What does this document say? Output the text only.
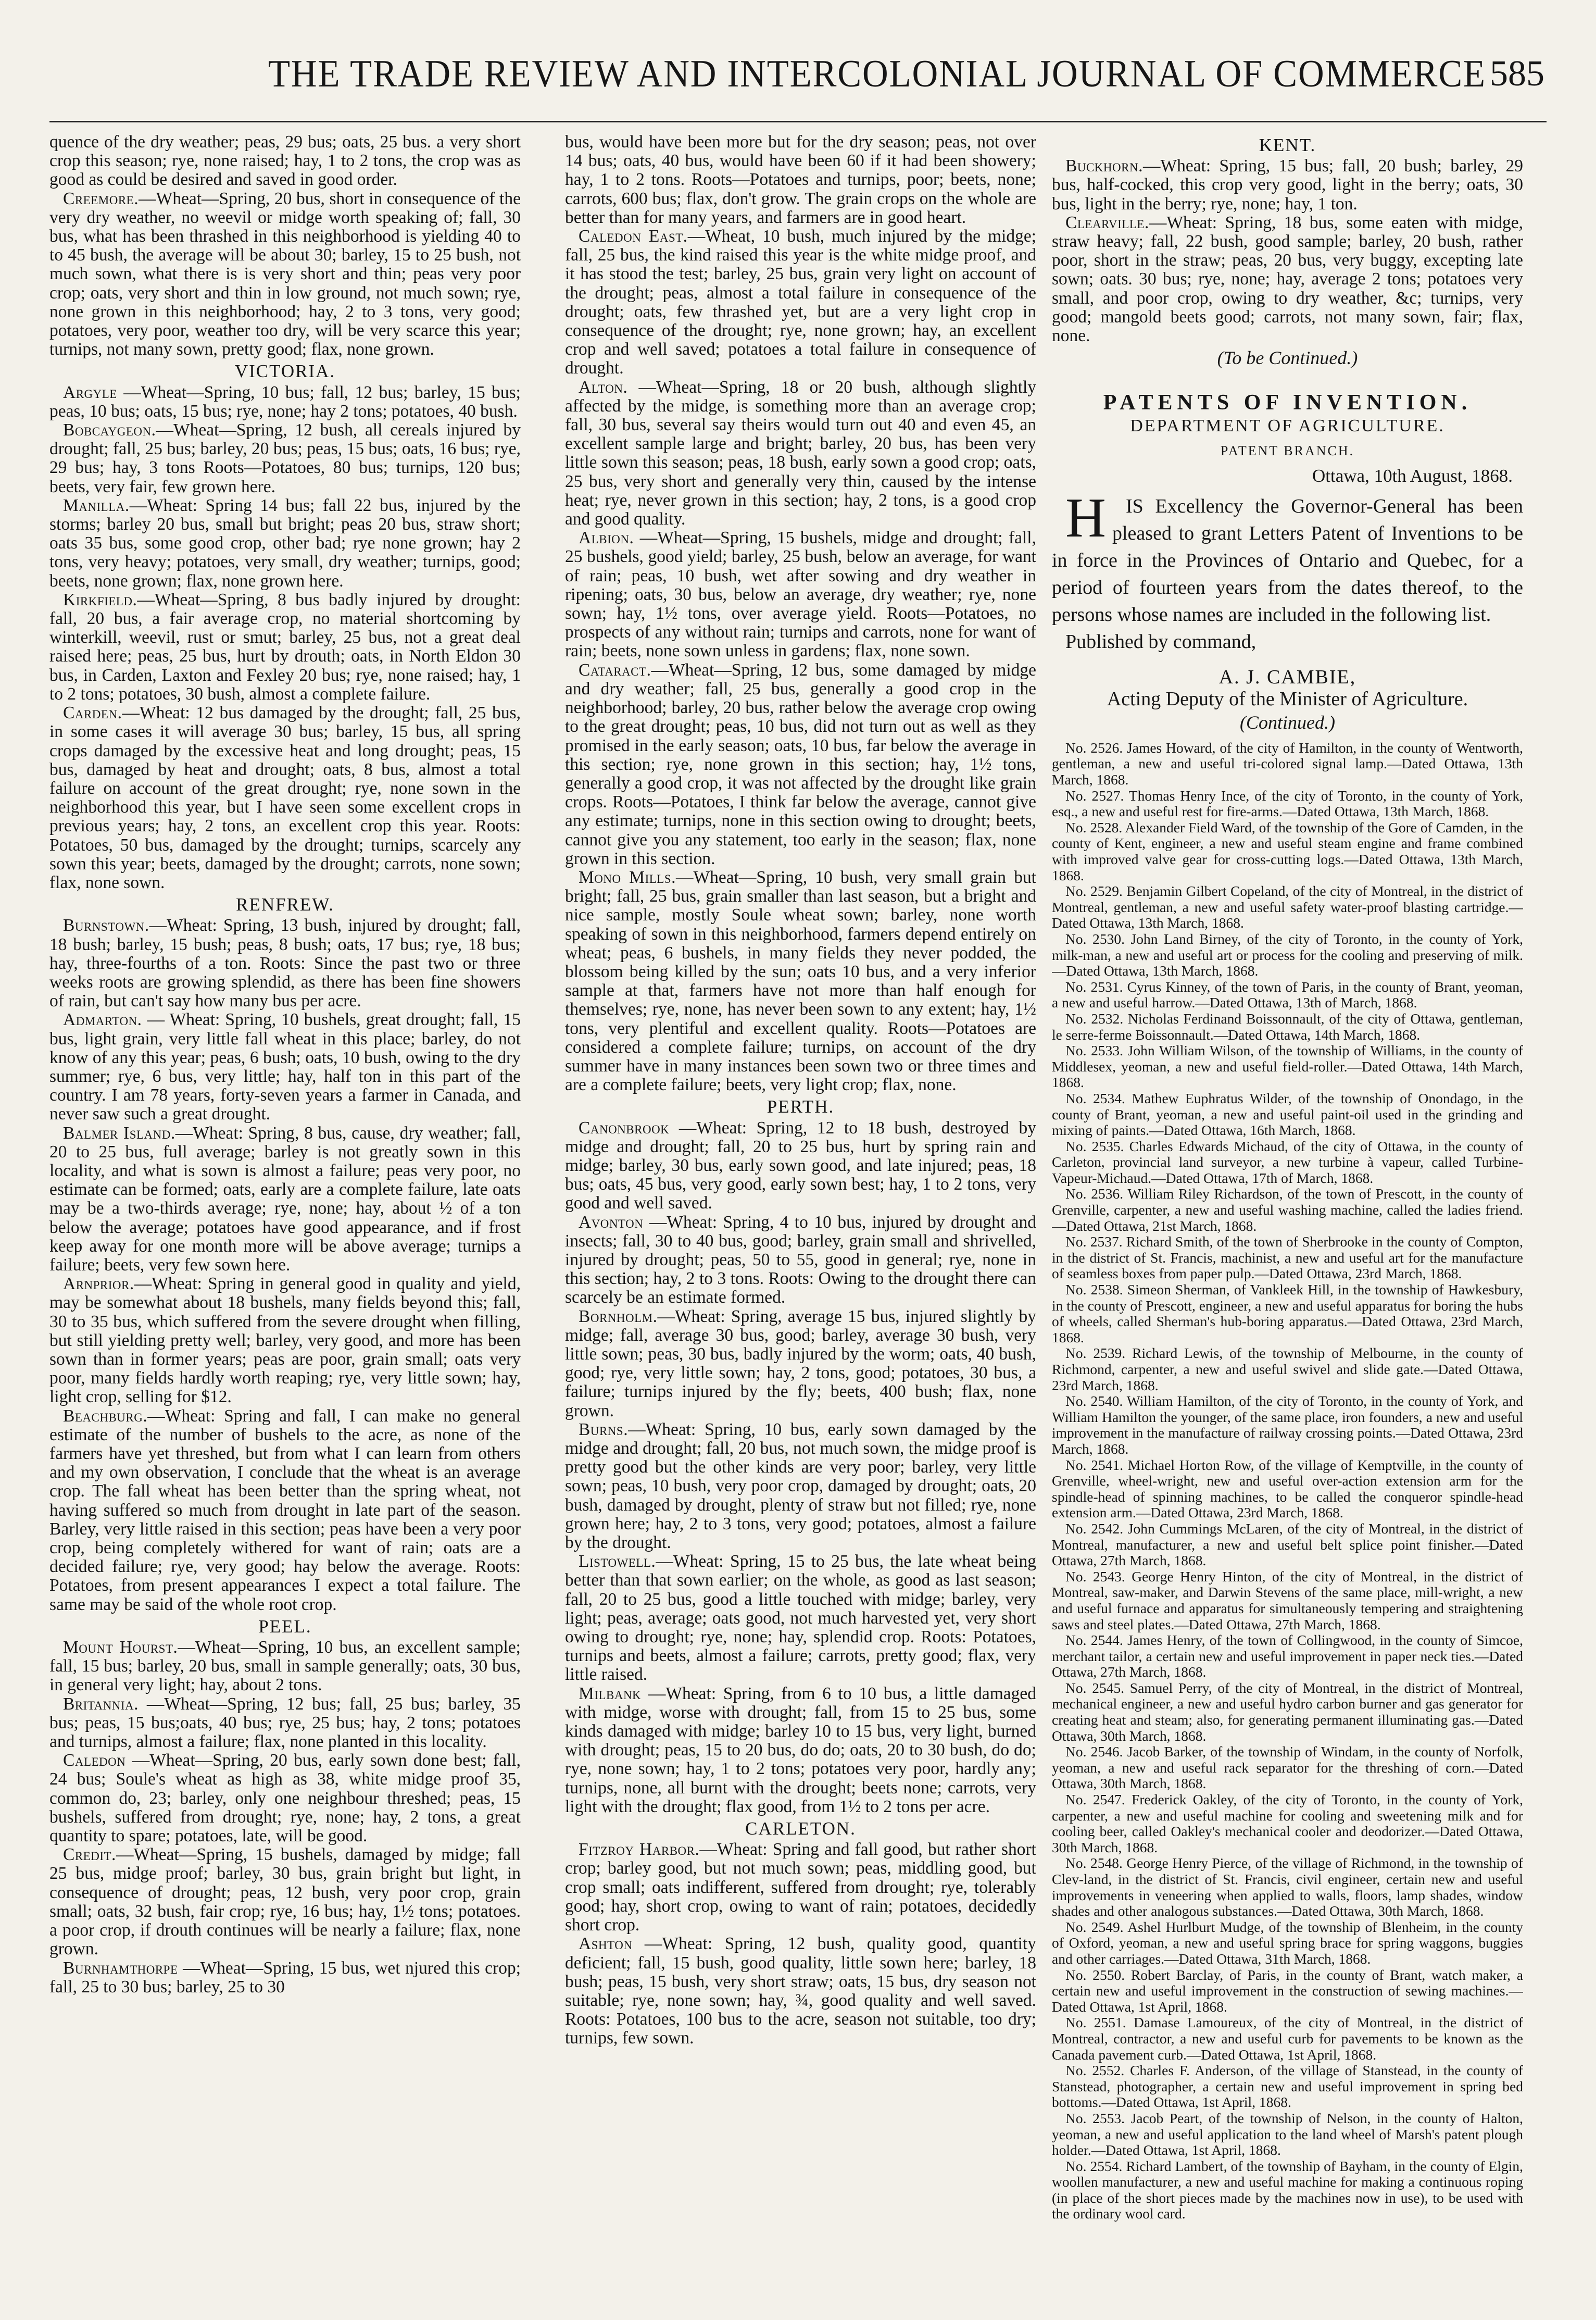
THE TRADE REVIEW AND INTERCOLONIAL JOURNAL OF COMMERCE 585

quence of the dry weather; peas, 29 bus; oats, 25 bus. a very short crop this season; rye, none raised; hay, 1 to 2 tons, the crop was as good as could be desired and saved in good order.

Creemore.—Wheat—Spring, 20 bus, short in consequence of the very dry weather, no weevil or midge worth speaking of; fall, 30 bus, what has been thrashed in this neighborhood is yielding 40 to to 45 bush, the average will be about 30; barley, 15 to 25 bush, not much sown, what there is is very short and thin; peas very poor crop; oats, very short and thin in low ground, not much sown; rye, none grown in this neighborhood; hay, 2 to 3 tons, very good; potatoes, very poor, weather too dry, will be very scarce this year; turnips, not many sown, pretty good; flax, none grown.

VICTORIA.

Argyle —Wheat—Spring, 10 bus; fall, 12 bus; barley, 15 bus; peas, 10 bus; oats, 15 bus; rye, none; hay 2 tons; potatoes, 40 bush.

Bobcaygeon.—Wheat—Spring, 12 bush, all cereals injured by drought; fall, 25 bus; barley, 20 bus; peas, 15 bus; oats, 16 bus; rye, 29 bus; hay, 3 tons Roots—Potatoes, 80 bus; turnips, 120 bus; beets, very fair, few grown here.

Manilla.—Wheat: Spring 14 bus; fall 22 bus, injured by the storms; barley 20 bus, small but bright; peas 20 bus, straw short; oats 35 bus, some good crop, other bad; rye none grown; hay 2 tons, very heavy; potatoes, very small, dry weather; turnips, good; beets, none grown; flax, none grown here.

Kirkfield.—Wheat—Spring, 8 bus badly injured by drought: fall, 20 bus, a fair average crop, no material shortcoming by winterkill, weevil, rust or smut; barley, 25 bus, not a great deal raised here; peas, 25 bus, hurt by drouth; oats, in North Eldon 30 bus, in Carden, Laxton and Fexley 20 bus; rye, none raised; hay, 1 to 2 tons; potatoes, 30 bush, almost a complete failure.

Carden.—Wheat: 12 bus damaged by the drought; fall, 25 bus, in some cases it will average 30 bus; barley, 15 bus, all spring crops damaged by the excessive heat and long drought; peas, 15 bus, damaged by heat and drought; oats, 8 bus, almost a total failure on account of the great drought; rye, none sown in the neighborhood this year, but I have seen some excellent crops in previous years; hay, 2 tons, an excellent crop this year. Roots: Potatoes, 50 bus, damaged by the drought; turnips, scarcely any sown this year; beets, damaged by the drought; carrots, none sown; flax, none sown.

RENFREW.

Burnstown.—Wheat: Spring, 13 bush, injured by drought; fall, 18 bush; barley, 15 bush; peas, 8 bush; oats, 17 bus; rye, 18 bus; hay, three-fourths of a ton. Roots: Since the past two or three weeks roots are growing splendid, as there has been fine showers of rain, but can't say how many bus per acre.

Admarton. — Wheat: Spring, 10 bushels, great drought; fall, 15 bus, light grain, very little fall wheat in this place; barley, do not know of any this year; peas, 6 bush; oats, 10 bush, owing to the dry summer; rye, 6 bus, very little; hay, half ton in this part of the country. I am 78 years, forty-seven years a farmer in Canada, and never saw such a great drought.

Balmer Island.—Wheat: Spring, 8 bus, cause, dry weather; fall, 20 to 25 bus, full average; barley is not greatly sown in this locality, and what is sown is almost a failure; peas very poor, no estimate can be formed; oats, early are a complete failure, late oats may be a two-thirds average; rye, none; hay, about ½ of a ton below the average; potatoes have good appearance, and if frost keep away for one month more will be above average; turnips a failure; beets, very few sown here.

Arnprior.—Wheat: Spring in general good in quality and yield, may be somewhat about 18 bushels, many fields beyond this; fall, 30 to 35 bus, which suffered from the severe drought when filling, but still yielding pretty well; barley, very good, and more has been sown than in former years; peas are poor, grain small; oats very poor, many fields hardly worth reaping; rye, very little sown; hay, light crop, selling for $12.

Beachburg.—Wheat: Spring and fall, I can make no general estimate of the number of bushels to the acre, as none of the farmers have yet threshed, but from what I can learn from others and my own observation, I conclude that the wheat is an average crop. The fall wheat has been better than the spring wheat, not having suffered so much from drought in late part of the season. Barley, very little raised in this section; peas have been a very poor crop, being completely withered for want of rain; oats are a decided failure; rye, very good; hay below the average. Roots: Potatoes, from present appearances I expect a total failure. The same may be said of the whole root crop.

PEEL.

Mount Hourst.—Wheat—Spring, 10 bus, an excellent sample; fall, 15 bus; barley, 20 bus, small in sample generally; oats, 30 bus, in general very light; hay, about 2 tons.

Britannia. —Wheat—Spring, 12 bus; fall, 25 bus; barley, 35 bus; peas, 15 bus;oats, 40 bus; rye, 25 bus; hay, 2 tons; potatoes and turnips, almost a failure; flax, none planted in this locality.

Caledon —Wheat—Spring, 20 bus, early sown done best; fall, 24 bus; Soule's wheat as high as 38, white midge proof 35, common do, 23; barley, only one neighbour threshed; peas, 15 bushels, suffered from drought; rye, none; hay, 2 tons, a great quantity to spare; potatoes, late, will be good.

Credit.—Wheat—Spring, 15 bushels, damaged by midge; fall 25 bus, midge proof; barley, 30 bus, grain bright but light, in consequence of drought; peas, 12 bush, very poor crop, grain small; oats, 32 bush, fair crop; rye, 16 bus; hay, 1½ tons; potatoes. a poor crop, if drouth continues will be nearly a failure; flax, none grown.

Burnhamthorpe —Wheat—Spring, 15 bus, wet njured this crop; fall, 25 to 30 bus; barley, 25 to 30

bus, would have been more but for the dry season; peas, not over 14 bus; oats, 40 bus, would have been 60 if it had been showery; hay, 1 to 2 tons. Roots—Potatoes and turnips, poor; beets, none; carrots, 600 bus; flax, don't grow. The grain crops on the whole are better than for many years, and farmers are in good heart.

Caledon East.—Wheat, 10 bush, much injured by the midge; fall, 25 bus, the kind raised this year is the white midge proof, and it has stood the test; barley, 25 bus, grain very light on account of the drought; peas, almost a total failure in consequence of the drought; oats, few thrashed yet, but are a very light crop in consequence of the drought; rye, none grown; hay, an excellent crop and well saved; potatoes a total failure in consequence of drought.

Alton. —Wheat—Spring, 18 or 20 bush, although slightly affected by the midge, is something more than an average crop; fall, 30 bus, several say theirs would turn out 40 and even 45, an excellent sample large and bright; barley, 20 bus, has been very little sown this season; peas, 18 bush, early sown a good crop; oats, 25 bus, very short and generally very thin, caused by the intense heat; rye, never grown in this section; hay, 2 tons, is a good crop and good quality.

Albion. —Wheat—Spring, 15 bushels, midge and drought; fall, 25 bushels, good yield; barley, 25 bush, below an average, for want of rain; peas, 10 bush, wet after sowing and dry weather in ripening; oats, 30 bus, below an average, dry weather; rye, none sown; hay, 1½ tons, over average yield. Roots—Potatoes, no prospects of any without rain; turnips and carrots, none for want of rain; beets, none sown unless in gardens; flax, none sown.

Cataract.—Wheat—Spring, 12 bus, some damaged by midge and dry weather; fall, 25 bus, generally a good crop in the neighborhood; barley, 20 bus, rather below the average crop owing to the great drought; peas, 10 bus, did not turn out as well as they promised in the early season; oats, 10 bus, far below the average in this section; rye, none grown in this section; hay, 1½ tons, generally a good crop, it was not affected by the drought like grain crops. Roots—Potatoes, I think far below the average, cannot give any estimate; turnips, none in this section owing to drought; beets, cannot give you any statement, too early in the season; flax, none grown in this section.

Mono Mills.—Wheat—Spring, 10 bush, very small grain but bright; fall, 25 bus, grain smaller than last season, but a bright and nice sample, mostly Soule wheat sown; barley, none worth speaking of sown in this neighborhood, farmers depend entirely on wheat; peas, 6 bushels, in many fields they never podded, the blossom being killed by the sun; oats 10 bus, and a very inferior sample at that, farmers have not more than half enough for themselves; rye, none, has never been sown to any extent; hay, 1½ tons, very plentiful and excellent quality. Roots—Potatoes are considered a complete failure; turnips, on account of the dry summer have in many instances been sown two or three times and are a complete failure; beets, very light crop; flax, none.

PERTH.

Canonbrook —Wheat: Spring, 12 to 18 bush, destroyed by midge and drought; fall, 20 to 25 bus, hurt by spring rain and midge; barley, 30 bus, early sown good, and late injured; peas, 18 bus; oats, 45 bus, very good, early sown best; hay, 1 to 2 tons, very good and well saved.

Avonton —Wheat: Spring, 4 to 10 bus, injured by drought and insects; fall, 30 to 40 bus, good; barley, grain small and shrivelled, injured by drought; peas, 50 to 55, good in general; rye, none in this section; hay, 2 to 3 tons. Roots: Owing to the drought there can scarcely be an estimate formed.

Bornholm.—Wheat: Spring, average 15 bus, injured slightly by midge; fall, average 30 bus, good; barley, average 30 bush, very little sown; peas, 30 bus, badly injured by the worm; oats, 40 bush, good; rye, very little sown; hay, 2 tons, good; potatoes, 30 bus, a failure; turnips injured by the fly; beets, 400 bush; flax, none grown.

Burns.—Wheat: Spring, 10 bus, early sown damaged by the midge and drought; fall, 20 bus, not much sown, the midge proof is pretty good but the other kinds are very poor; barley, very little sown; peas, 10 bush, very poor crop, damaged by drought; oats, 20 bush, damaged by drought, plenty of straw but not filled; rye, none grown here; hay, 2 to 3 tons, very good; potatoes, almost a failure by the drought.

Listowell.—Wheat: Spring, 15 to 25 bus, the late wheat being better than that sown earlier; on the whole, as good as last season; fall, 20 to 25 bus, good a little touched with midge; barley, very light; peas, average; oats good, not much harvested yet, very short owing to drought; rye, none; hay, splendid crop. Roots: Potatoes, turnips and beets, almost a failure; carrots, pretty good; flax, very little raised.

Milbank —Wheat: Spring, from 6 to 10 bus, a little damaged with midge, worse with drought; fall, from 15 to 25 bus, some kinds damaged with midge; barley 10 to 15 bus, very light, burned with drought; peas, 15 to 20 bus, do do; oats, 20 to 30 bush, do do; rye, none sown; hay, 1 to 2 tons; potatoes very poor, hardly any; turnips, none, all burnt with the drought; beets none; carrots, very light with the drought; flax good, from 1½ to 2 tons per acre.

CARLETON.

Fitzroy Harbor.—Wheat: Spring and fall good, but rather short crop; barley good, but not much sown; peas, middling good, but crop small; oats indifferent, suffered from drought; rye, tolerably good; hay, short crop, owing to want of rain; potatoes, decidedly short crop.

Ashton —Wheat: Spring, 12 bush, quality good, quantity deficient; fall, 15 bush, good quality, little sown here; barley, 18 bush; peas, 15 bush, very short straw; oats, 15 bus, dry season not suitable; rye, none sown; hay, ¾, good quality and well saved. Roots: Potatoes, 100 bus to the acre, season not suitable, too dry; turnips, few sown.

KENT.

Buckhorn.—Wheat: Spring, 15 bus; fall, 20 bush; barley, 29 bus, half-cocked, this crop very good, light in the berry; oats, 30 bus, light in the berry; rye, none; hay, 1 ton.

Clearville.—Wheat: Spring, 18 bus, some eaten with midge, straw heavy; fall, 22 bush, good sample; barley, 20 bush, rather poor, short in the straw; peas, 20 bus, very buggy, excepting late sown; oats. 30 bus; rye, none; hay, average 2 tons; potatoes very small, and poor crop, owing to dry weather, &c; turnips, very good; mangold beets good; carrots, not many sown, fair; flax, none.

(To be Continued.)
PATENTS OF INVENTION.
DEPARTMENT OF AGRICULTURE.
PATENT BRANCH.
Ottawa, 10th August, 1868.

H IS Excellency the Governor-General has been pleased to grant Letters Patent of Inventions to be in force in the Provinces of Ontario and Quebec, for a period of fourteen years from the dates thereof, to the persons whose names are included in the following list.

Published by command,

A. J. CAMBIE,
Acting Deputy of the Minister of Agriculture.
(Continued.)

No. 2526. James Howard, of the city of Hamilton, in the county of Wentworth, gentleman, a new and useful tri-colored signal lamp.—Dated Ottawa, 13th March, 1868.

No. 2527. Thomas Henry Ince, of the city of Toronto, in the county of York, esq., a new and useful rest for fire-arms.—Dated Ottawa, 13th March, 1868.

No. 2528. Alexander Field Ward, of the township of the Gore of Camden, in the county of Kent, engineer, a new and useful steam engine and frame combined with improved valve gear for cross-cutting logs.—Dated Ottawa, 13th March, 1868.

No. 2529. Benjamin Gilbert Copeland, of the city of Montreal, in the district of Montreal, gentleman, a new and useful safety water-proof blasting cartridge.—Dated Ottawa, 13th March, 1868.

No. 2530. John Land Birney, of the city of Toronto, in the county of York, milk-man, a new and useful art or process for the cooling and preserving of milk.—Dated Ottawa, 13th March, 1868.

No. 2531. Cyrus Kinney, of the town of Paris, in the county of Brant, yeoman, a new and useful harrow.—Dated Ottawa, 13th of March, 1868.

No. 2532. Nicholas Ferdinand Boissonnault, of the city of Ottawa, gentleman, le serre-ferme Boissonnault.—Dated Ottawa, 14th March, 1868.

No. 2533. John William Wilson, of the township of Williams, in the county of Middlesex, yeoman, a new and useful field-roller.—Dated Ottawa, 14th March, 1868.

No. 2534. Mathew Euphratus Wilder, of the township of Onondago, in the county of Brant, yeoman, a new and useful paint-oil used in the grinding and mixing of paints.—Dated Ottawa, 16th March, 1868.

No. 2535. Charles Edwards Michaud, of the city of Ottawa, in the county of Carleton, provincial land surveyor, a new turbine à vapeur, called Turbine-Vapeur-Michaud.—Dated Ottawa, 17th of March, 1868.

No. 2536. William Riley Richardson, of the town of Prescott, in the county of Grenville, carpenter, a new and useful washing machine, called the ladies friend.—Dated Ottawa, 21st March, 1868.

No. 2537. Richard Smith, of the town of Sherbrooke in the county of Compton, in the district of St. Francis, machinist, a new and useful art for the manufacture of seamless boxes from paper pulp.—Dated Ottawa, 23rd March, 1868.

No. 2538. Simeon Sherman, of Vankleek Hill, in the township of Hawkesbury, in the county of Prescott, engineer, a new and useful apparatus for boring the hubs of wheels, called Sherman's hub-boring apparatus.—Dated Ottawa, 23rd March, 1868.

No. 2539. Richard Lewis, of the township of Melbourne, in the county of Richmond, carpenter, a new and useful swivel and slide gate.—Dated Ottawa, 23rd March, 1868.

No. 2540. William Hamilton, of the city of Toronto, in the county of York, and William Hamilton the younger, of the same place, iron founders, a new and useful improvement in the manufacture of railway crossing points.—Dated Ottawa, 23rd March, 1868.

No. 2541. Michael Horton Row, of the village of Kemptville, in the county of Grenville, wheel-wright, new and useful over-action extension arm for the spindle-head of spinning machines, to be called the conqueror spindle-head extension arm.—Dated Ottawa, 23rd March, 1868.

No. 2542. John Cummings McLaren, of the city of Montreal, in the district of Montreal, manufacturer, a new and useful belt splice point finisher.—Dated Ottawa, 27th March, 1868.

No. 2543. George Henry Hinton, of the city of Montreal, in the district of Montreal, saw-maker, and Darwin Stevens of the same place, mill-wright, a new and useful furnace and apparatus for simultaneously tempering and straightening saws and steel plates.—Dated Ottawa, 27th March, 1868.

No. 2544. James Henry, of the town of Collingwood, in the county of Simcoe, merchant tailor, a certain new and useful improvement in paper neck ties.—Dated Ottawa, 27th March, 1868.

No. 2545. Samuel Perry, of the city of Montreal, in the district of Montreal, mechanical engineer, a new and useful hydro carbon burner and gas generator for creating heat and steam; also, for generating permanent illuminating gas.—Dated Ottawa, 30th March, 1868.

No. 2546. Jacob Barker, of the township of Windam, in the county of Norfolk, yeoman, a new and useful rack separator for the threshing of corn.—Dated Ottawa, 30th March, 1868.

No. 2547. Frederick Oakley, of the city of Toronto, in the county of York, carpenter, a new and useful machine for cooling and sweetening milk and for cooling beer, called Oakley's mechanical cooler and deodorizer.—Dated Ottawa, 30th March, 1868.

No. 2548. George Henry Pierce, of the village of Richmond, in the township of Clev-land, in the district of St. Francis, civil engineer, certain new and useful improvements in veneering when applied to walls, floors, lamp shades, window shades and other analogous substances.—Dated Ottawa, 30th March, 1868.

No. 2549. Ashel Hurlburt Mudge, of the township of Blenheim, in the county of Oxford, yeoman, a new and useful spring brace for spring waggons, buggies and other carriages.—Dated Ottawa, 31th March, 1868.

No. 2550. Robert Barclay, of Paris, in the county of Brant, watch maker, a certain new and useful improvement in the construction of sewing machines.—Dated Ottawa, 1st April, 1868.

No. 2551. Damase Lamoureux, of the city of Montreal, in the district of Montreal, contractor, a new and useful curb for pavements to be known as the Canada pavement curb.—Dated Ottawa, 1st April, 1868.

No. 2552. Charles F. Anderson, of the village of Stanstead, in the county of Stanstead, photographer, a certain new and useful improvement in spring bed bottoms.—Dated Ottawa, 1st April, 1868.

No. 2553. Jacob Peart, of the township of Nelson, in the county of Halton, yeoman, a new and useful application to the land wheel of Marsh's patent plough holder.—Dated Ottawa, 1st April, 1868.

No. 2554. Richard Lambert, of the township of Bayham, in the county of Elgin, woollen manufacturer, a new and useful machine for making a continuous roping (in place of the short pieces made by the machines now in use), to be used with the ordinary wool card.
